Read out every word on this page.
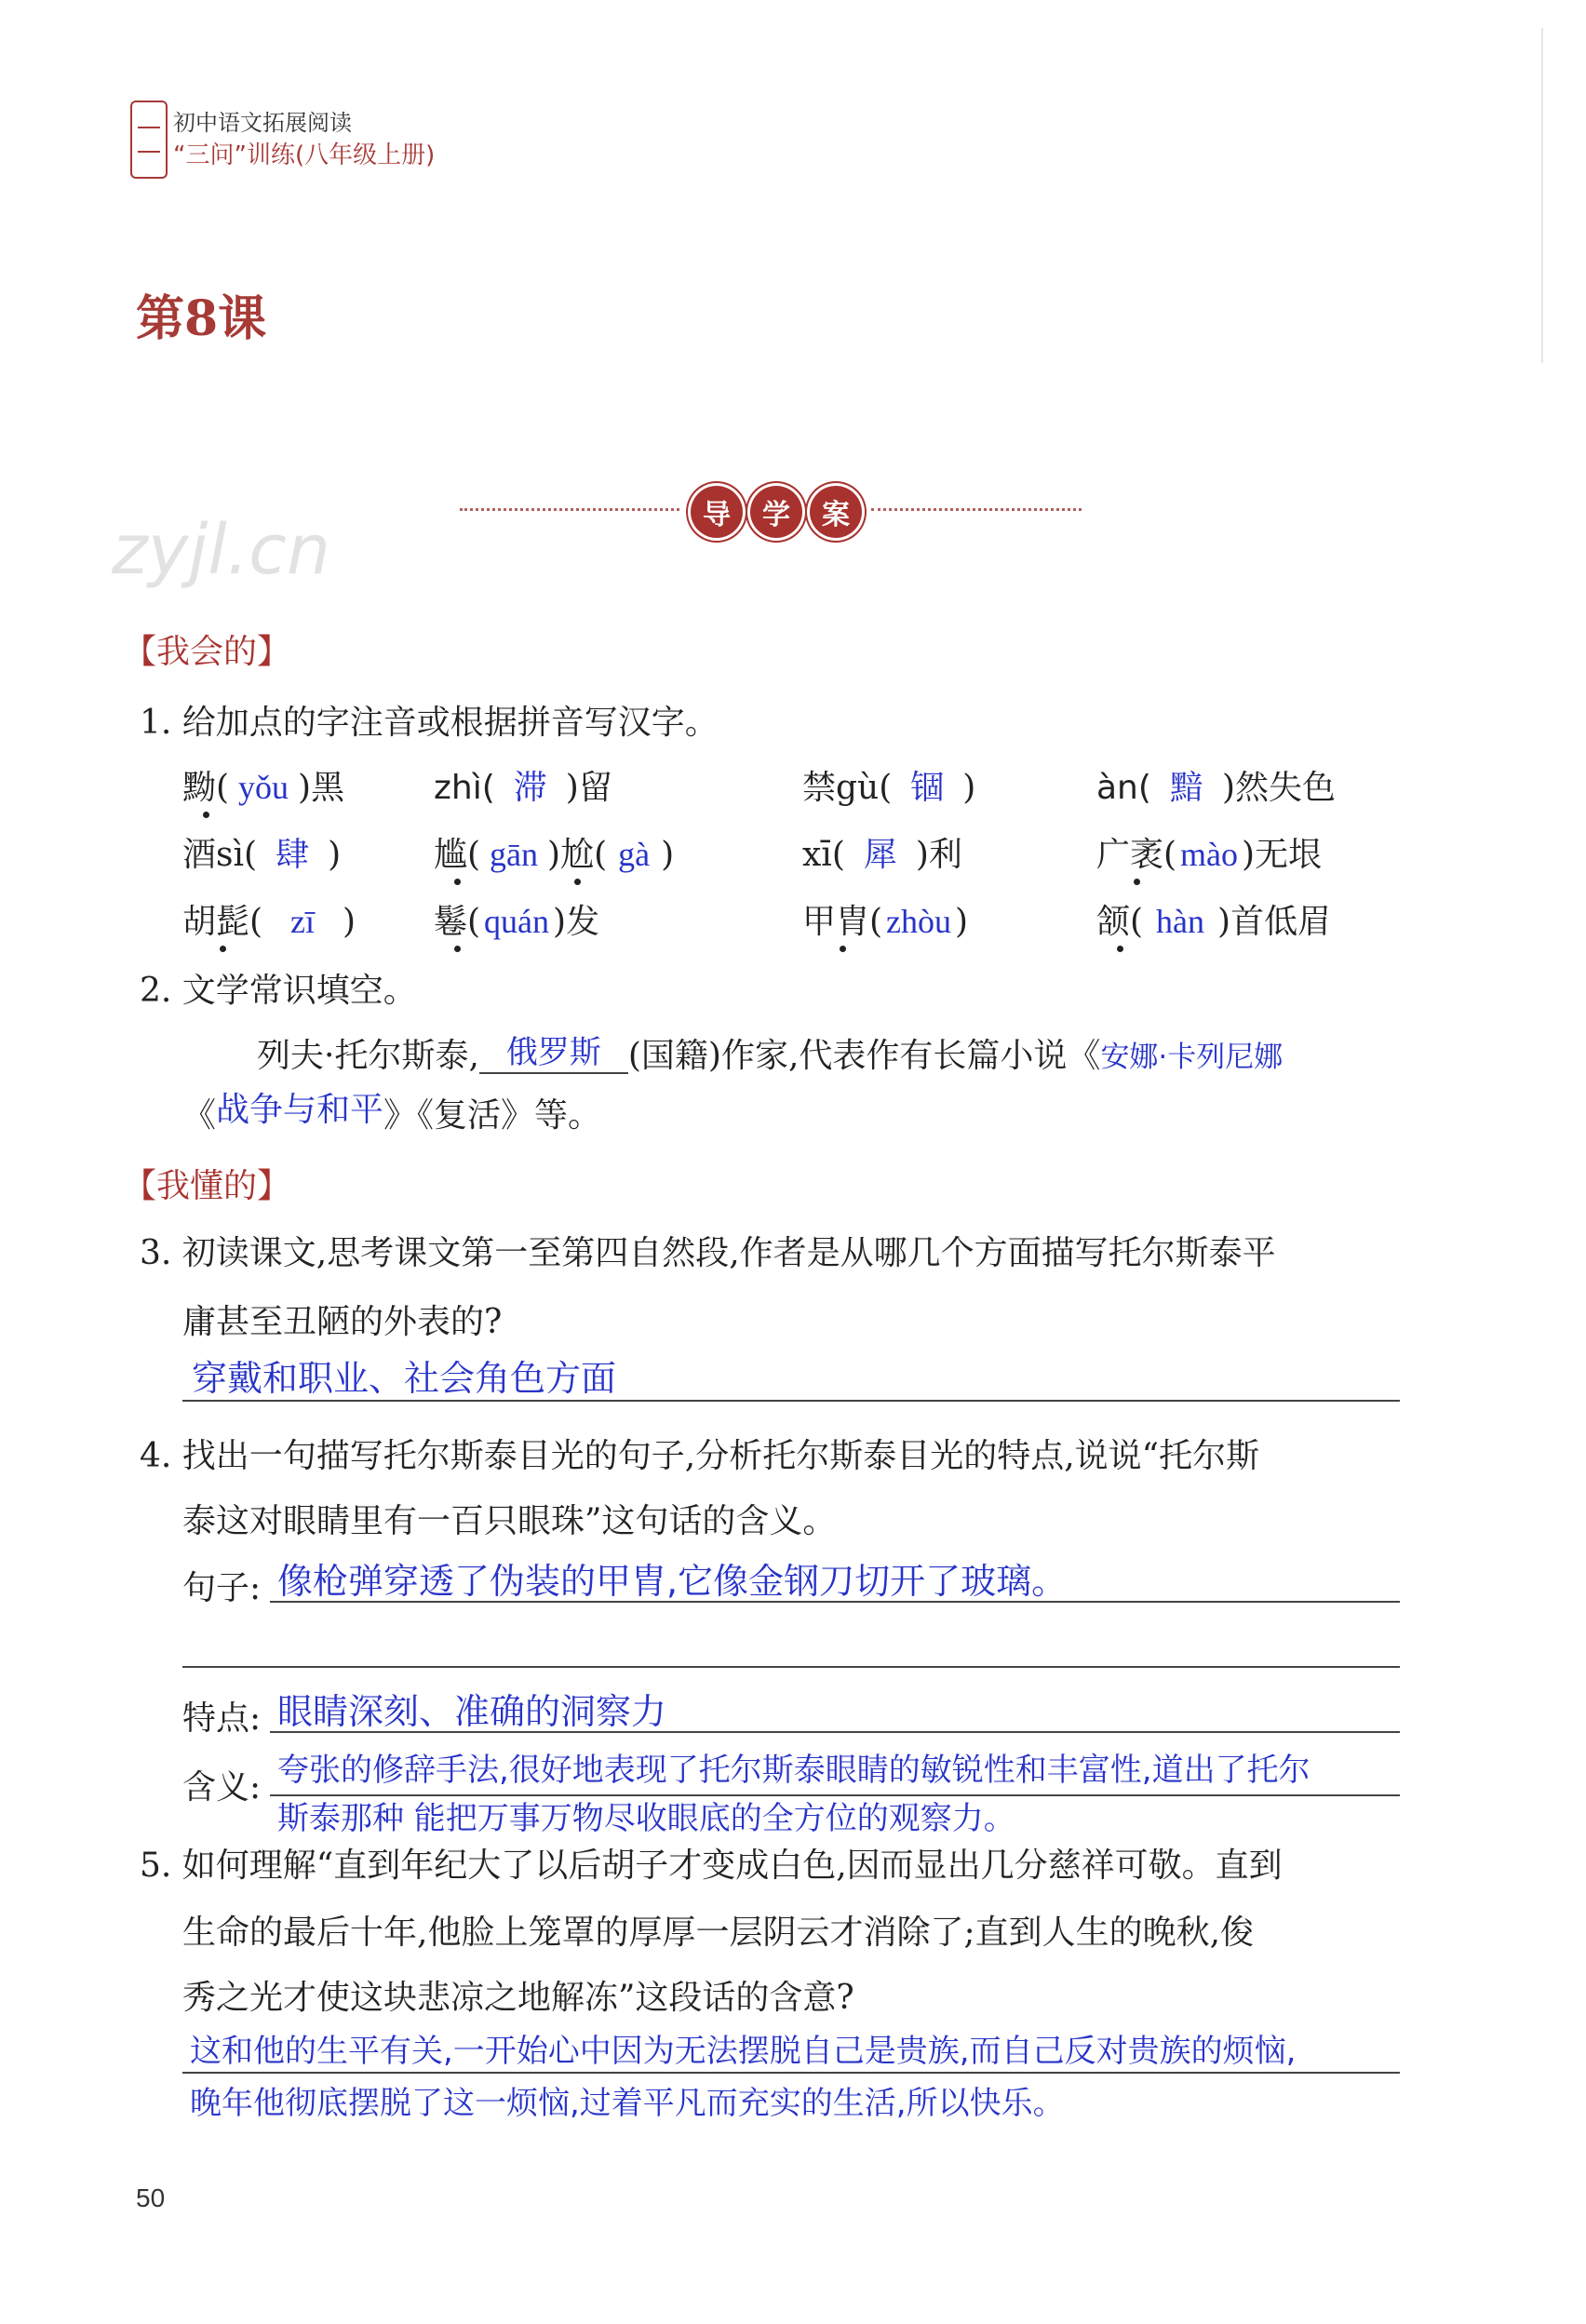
初中语文拓展阅读
“三问”训练(八年级上册)
第8课
导	学	案
zyjl.cn
【我会的】
1. 给加点的字注音或根据拼音写汉字。
黝( yǒu )黑	zhì( 滞 )留	禁gù( 锢 )	àn( 黯 )然失色
酒sì( 肆 )	尴( gān )尬( gà )	xī( 犀 )利	广袤( mào )无垠
胡髭( zī ) 鬈( quán )发	甲胄( zhòu )	颔( hàn )首低眉
2. 文学常识填空。
列夫·托尔斯泰, 俄罗斯 (国籍)作家,代表作有长篇小说《安娜·卡列尼娜
《战争与和平》《复活》等。
【我懂的】
3. 初读课文,思考课文第一至第四自然段,作者是从哪几个方面描写托尔斯泰平
庸甚至丑陋的外表的?
穿戴和职业、社会角色方面
4. 找出一句描写托尔斯泰目光的句子,分析托尔斯泰目光的特点,说说“托尔斯
泰这对眼睛里有一百只眼珠”这句话的含义。
句子: 像枪弹穿透了伪装的甲胄,它像金钢刀切开了玻璃。
特点: 眼睛深刻、准确的洞察力
含义: 夸张的修辞手法,很好地表现了托尔斯泰眼睛的敏锐性和丰富性,道出了托尔
斯泰那种 能把万事万物尽收眼底的全方位的观察力。
5. 如何理解“直到年纪大了以后胡子才变成白色,因而显出几分慈祥可敬。直到
生命的最后十年,他脸上笼罩的厚厚一层阴云才消除了;直到人生的晚秋,俊
秀之光才使这块悲凉之地解冻”这段话的含意?
这和他的生平有关,一开始心中因为无法摆脱自己是贵族,而自己反对贵族的烦恼,
晚年他彻底摆脱了这一烦恼,过着平凡而充实的生活,所以快乐。
50
